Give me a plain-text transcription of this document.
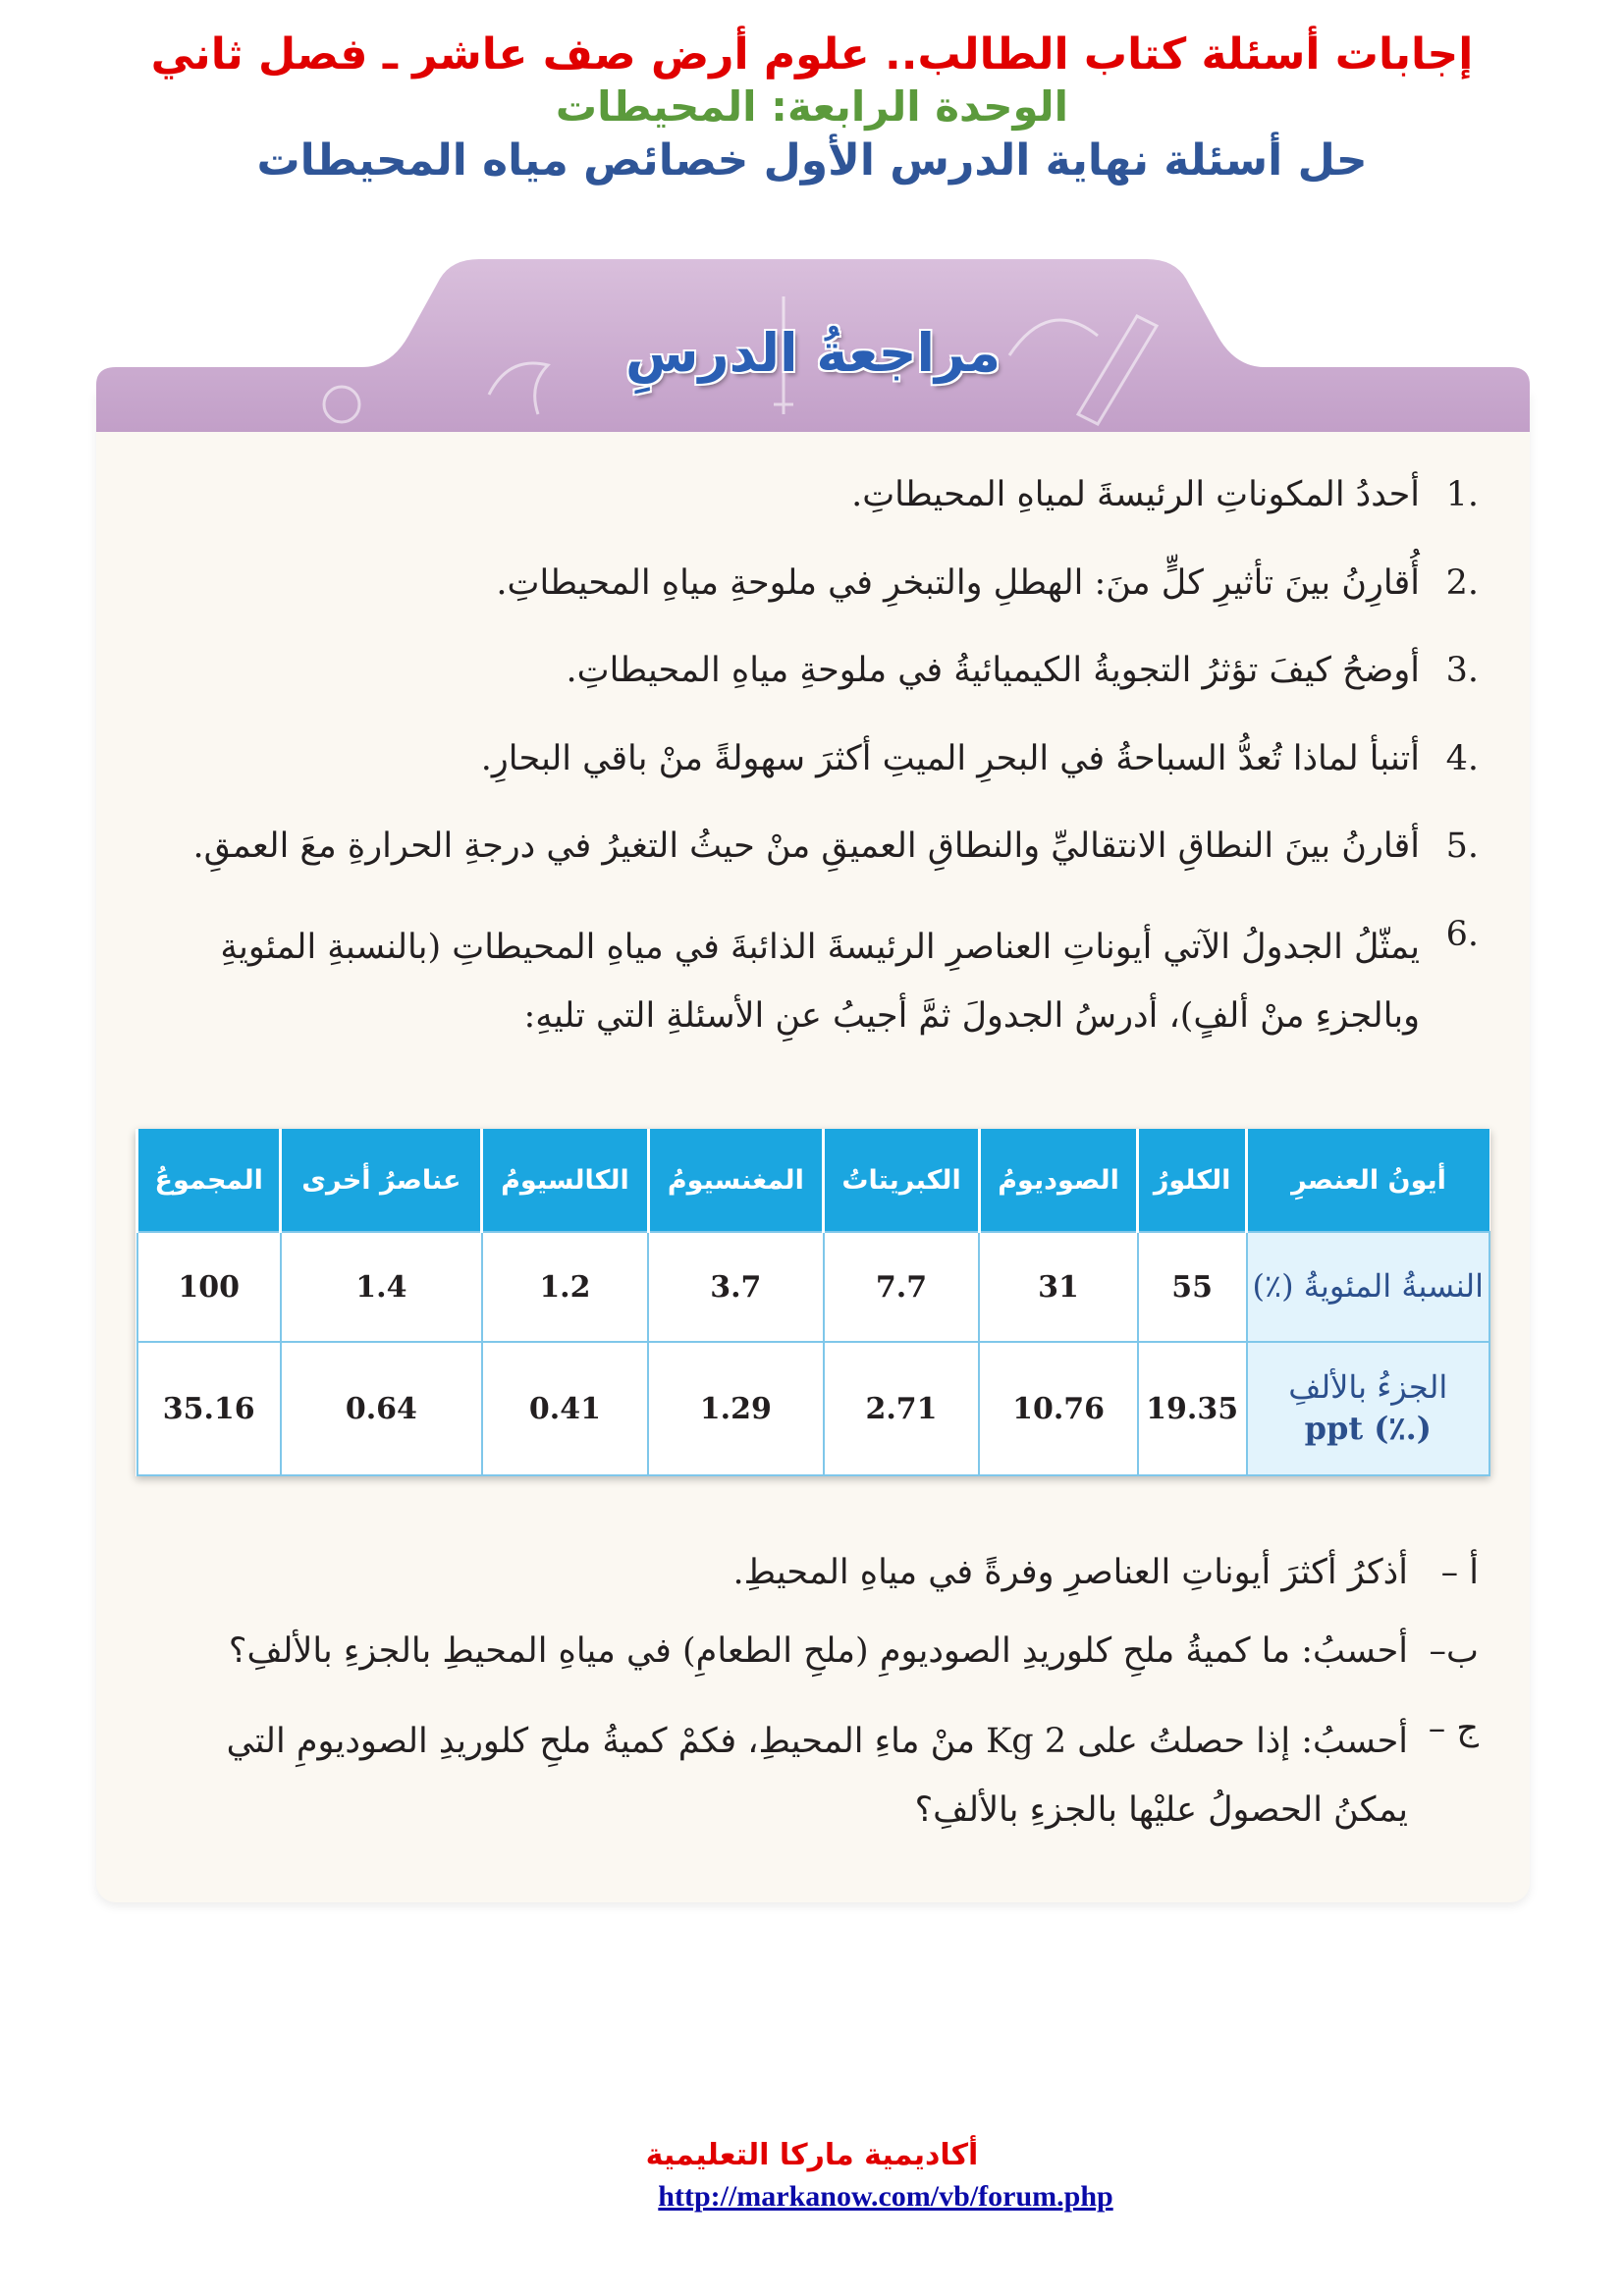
إجابات أسئلة كتاب الطالب.. علوم أرض صف عاشر ـ فصل ثاني

الوحدة الرابعة: المحيطات

حل أسئلة نهاية الدرس الأول خصائص مياه المحيطات

مراجعةُ الدرسِ
.1
أحددُ المكوناتِ الرئيسةَ لمياهِ المحيطاتِ.
.2
أُقارِنُ بينَ تأثيرِ كلٍّ منَ: الهطلِ والتبخرِ في ملوحةِ مياهِ المحيطاتِ.
.3
أوضحُ كيفَ تؤثرُ التجويةُ الكيميائيةُ في ملوحةِ مياهِ المحيطاتِ.
.4
أتنبأ لماذا تُعدُّ السباحةُ في البحرِ الميتِ أكثرَ سهولةً منْ باقي البحارِ.
.5
أقارنُ بينَ النطاقِ الانتقاليِّ والنطاقِ العميقِ منْ حيثُ التغيرُ في درجةِ الحرارةِ معَ العمقِ.
.6
يمثّلُ الجدولُ الآتي أيوناتِ العناصرِ الرئيسةَ الذائبةَ في مياهِ المحيطاتِ (بالنسبةِ المئويةِ وبالجزءِ منْ ألفٍ)، أدرسُ الجدولَ ثمَّ أجيبُ عنِ الأسئلةِ التي تليهِ:
أيونُ العنصرِ	الكلورُ	الصوديومُ	الكبريتاتُ	المغنسيومُ	الكالسيومُ	عناصرُ أخرى	المجموعُ
النسبةُ المئويةُ (٪)	55	31	7.7	3.7	1.2	1.4	100

الجزءُ بالألفِ
ppt (٪.)	19.35	10.76	2.71	1.29	0.41	0.64	35.16
أ –
أذكرُ أكثرَ أيوناتِ العناصرِ وفرةً في مياهِ المحيطِ.
ب–
أحسبُ: ما كميةُ ملحِ كلوريدِ الصوديومِ (ملحِ الطعامِ) في مياهِ المحيطِ بالجزءِ بالألفِ؟
ج –
أحسبُ: إذا حصلتُ على 2 Kg منْ ماءِ المحيطِ، فكمْ كميةُ ملحِ كلوريدِ الصوديومِ التي يمكنُ الحصولُ عليْها بالجزءِ بالألفِ؟

أكاديمية ماركا التعليمية

http://markanow.com/vb/forum.php
